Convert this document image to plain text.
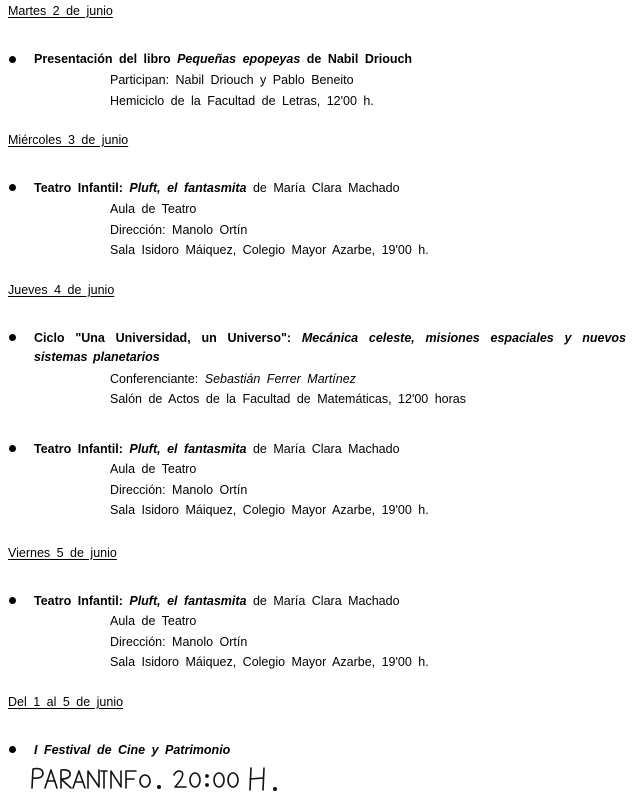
Martes 2 de junio
Presentación del libro Pequeñas epopeyas de Nabil Driouch
Participan: Nabil Driouch y Pablo Beneito
Hemiciclo de la Facultad de Letras, 12'00 h.
Miércoles 3 de junio
Teatro Infantil: Pluft, el fantasmita de María Clara Machado
Aula de Teatro
Dirección: Manolo Ortín
Sala Isidoro Máiquez, Colegio Mayor Azarbe, 19'00 h.
Jueves 4 de junio
Ciclo "Una Universidad, un Universo": Mecánica celeste, misiones espaciales y nuevos sistemas planetarios
Conferenciante: Sebastián Ferrer Martínez
Salón de Actos de la Facultad de Matemáticas, 12'00 horas
Teatro Infantil: Pluft, el fantasmita de María Clara Machado
Aula de Teatro
Dirección: Manolo Ortín
Sala Isidoro Máiquez, Colegio Mayor Azarbe, 19'00 h.
Viernes 5 de junio
Teatro Infantil: Pluft, el fantasmita de María Clara Machado
Aula de Teatro
Dirección: Manolo Ortín
Sala Isidoro Máiquez, Colegio Mayor Azarbe, 19'00 h.
Del 1 al 5 de junio
I Festival de Cine y Patrimonio
